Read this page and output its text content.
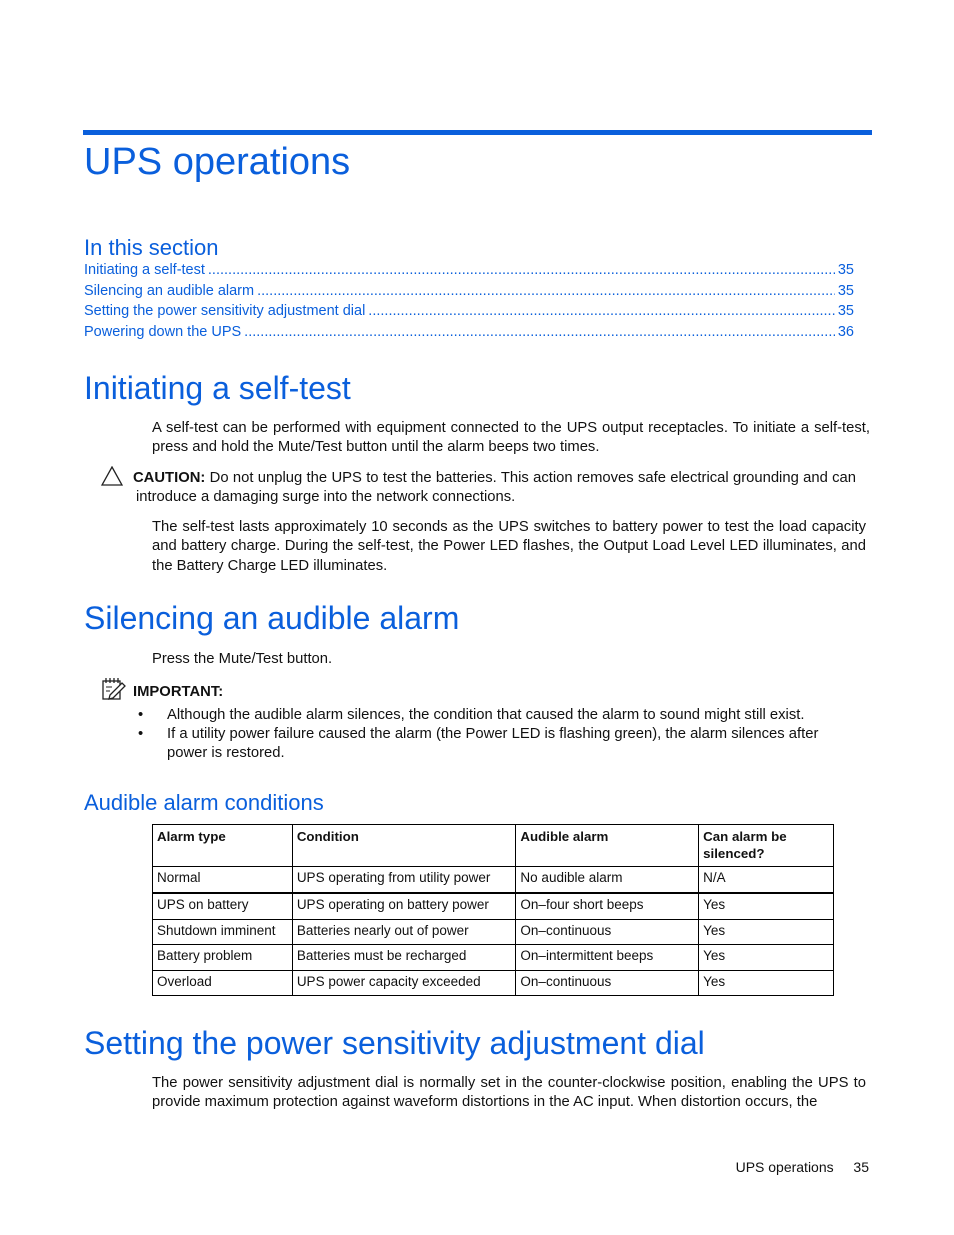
UPS operations
In this section
Initiating a self-test .....	35
Silencing an audible alarm .....	35
Setting the power sensitivity adjustment dial .....	35
Powering down the UPS .....	36
Initiating a self-test
A self-test can be performed with equipment connected to the UPS output receptacles. To initiate a self-test, press and hold the Mute/Test button until the alarm beeps two times.
CAUTION: Do not unplug the UPS to test the batteries. This action removes safe electrical grounding and can introduce a damaging surge into the network connections.
The self-test lasts approximately 10 seconds as the UPS switches to battery power to test the load capacity and battery charge. During the self-test, the Power LED flashes, the Output Load Level LED illuminates, and the Battery Charge LED illuminates.
Silencing an audible alarm
Press the Mute/Test button.
IMPORTANT:
•	Although the audible alarm silences, the condition that caused the alarm to sound might still exist.
•	If a utility power failure caused the alarm (the Power LED is flashing green), the alarm silences after power is restored.
Audible alarm conditions
Alarm type	Condition	Audible alarm	Can alarm be silenced?
Normal	UPS operating from utility power	No audible alarm	N/A
UPS on battery	UPS operating on battery power	On–four short beeps	Yes
Shutdown imminent	Batteries nearly out of power	On–continuous	Yes
Battery problem	Batteries must be recharged	On–intermittent beeps	Yes
Overload	UPS power capacity exceeded	On–continuous	Yes
Setting the power sensitivity adjustment dial
The power sensitivity adjustment dial is normally set in the counter-clockwise position, enabling the UPS to provide maximum protection against waveform distortions in the AC input. When distortion occurs, the
UPS operations 35
